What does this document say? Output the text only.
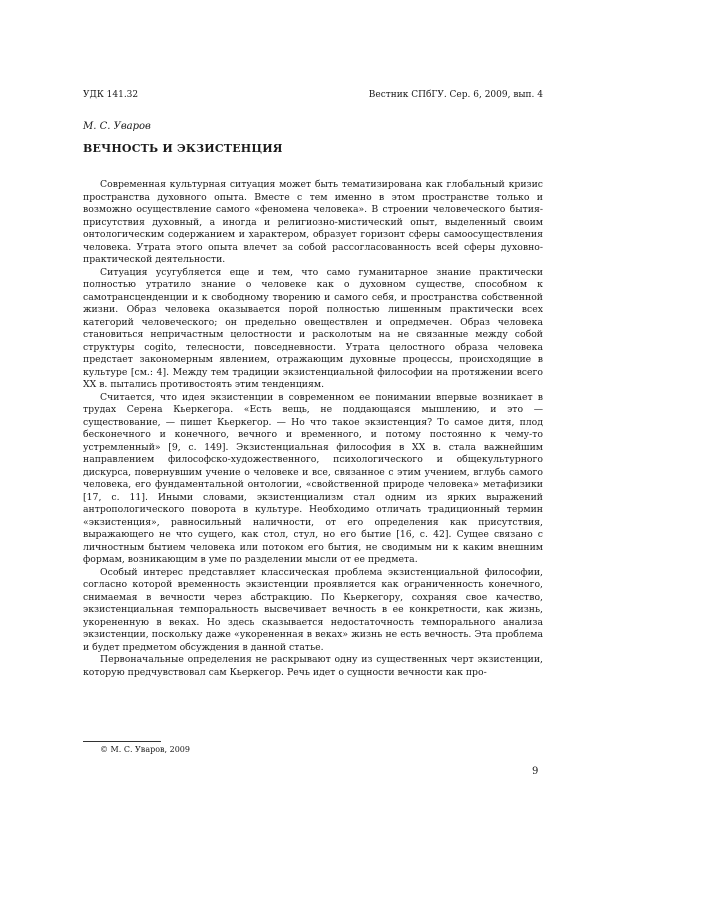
УДК 141.32	Вестник СПбГУ. Сер. 6, 2009, вып. 4
М. С. Уваров
ВЕЧНОСТЬ И ЭКЗИСТЕНЦИЯ

Современная культурная ситуация может быть тематизирована как глобальный кризис пространства духовного опыта. Вместе с тем именно в этом пространстве только и возможно осуществление самого «феномена человека». В строении человеческого бытия-присутствия духовный, а иногда и религиозно-мистический опыт, выделенный своим онтологическим содержанием и характером, образует горизонт сферы самоосуществления человека. Утрата этого опыта влечет за собой рассогласованность всей сферы духовно-практической деятельности.

Ситуация усугубляется еще и тем, что само гуманитарное знание практически полностью утратило знание о человеке как о духовном существе, способном к самотрансценденции и к свободному творению и самого себя, и пространства собственной жизни. Образ человека оказывается порой полностью лишенным практически всех категорий человеческого; он предельно овеществлен и опредмечен. Образ человека становиться непричастным целостности и расколотым на не связанные между собой структуры cogito, телесности, повседневности. Утрата целостного образа человека предстает закономерным явлением, отражающим духовные процессы, происходящие в культуре [см.: 4]. Между тем традиции экзистенциальной философии на протяжении всего XX в. пытались противостоять этим тенденциям.

Считается, что идея экзистенции в современном ее понимании впервые возникает в трудах Серена Кьеркегора. «Есть вещь, не поддающаяся мышлению, и это — существование, — пишет Кьеркегор. — Но что такое экзистенция? То самое дитя, плод бесконечного и конечного, вечного и временного, и потому постоянно к чему-то устремленный» [9, с. 149]. Экзистенциальная философия в XX в. стала важнейшим направлением философско-художественного, психологического и общекультурного дискурса, повернувшим учение о человеке и все, связанное с этим учением, вглубь самого человека, его фундаментальной онтологии, «свойственной природе человека» метафизики [17, с. 11]. Иными словами, экзистенциализм стал одним из ярких выражений антропологического поворота в культуре. Необходимо отличать традиционный термин «экзистенция», равносильный наличности, от его определения как присутствия, выражающего не что сущего, как стол, стул, но его бытие [16, с. 42]. Сущее связано с личностным бытием человека или потоком его бытия, не сводимым ни к каким внешним формам, возникающим в уме по разделении мысли от ее предмета.

Особый интерес представляет классическая проблема экзистенциальной философии, согласно которой временность экзистенции проявляется как ограниченность конечного, снимаемая в вечности через абстракцию. По Кьеркегору, сохраняя свое качество, экзистенциальная темпоральность высвечивает вечность в ее конкретности, как жизнь, укорененную в веках. Но здесь сказывается недостаточность темпорального анализа экзистенции, поскольку даже «укорененная в веках» жизнь не есть вечность. Эта проблема и будет предметом обсуждения в данной статье.

Первоначальные определения не раскрывают одну из существенных черт экзистенции, которую предчувствовал сам Кьеркегор. Речь идет о сущности вечности как про-

© М. С. Уваров, 2009
9
